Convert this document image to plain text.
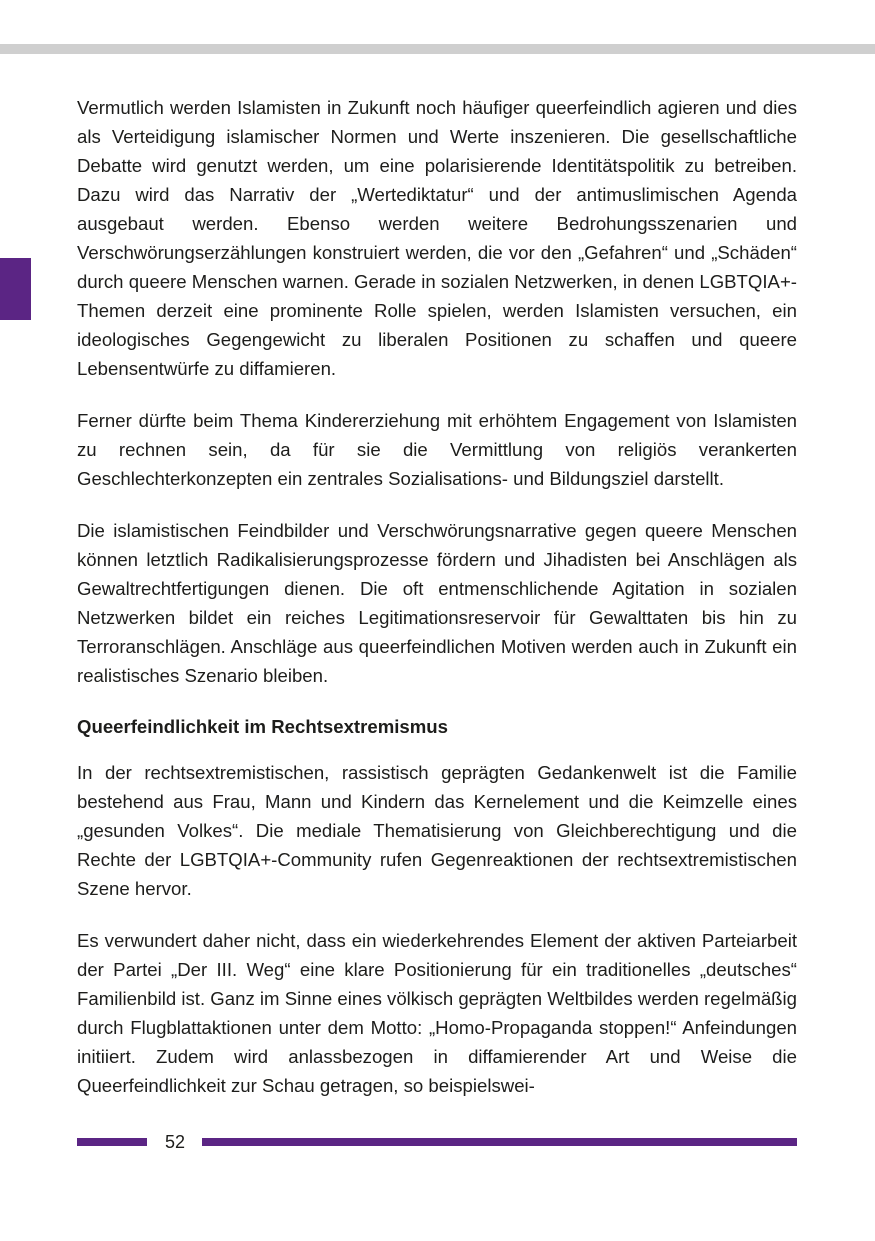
Vermutlich werden Islamisten in Zukunft noch häufiger queerfeindlich agieren und dies als Verteidigung islamischer Normen und Werte inszenieren. Die gesellschaftliche Debatte wird genutzt werden, um eine polarisierende Identitätspolitik zu betreiben. Dazu wird das Narrativ der „Wertediktatur“ und der antimuslimischen Agenda ausgebaut werden. Ebenso werden weitere Bedrohungsszenarien und Verschwörungserzählungen konstruiert werden, die vor den „Gefahren“ und „Schäden“ durch queere Menschen warnen. Gerade in sozialen Netzwerken, in denen LGBTQIA+-Themen derzeit eine prominente Rolle spielen, werden Islamisten versuchen, ein ideologisches Gegengewicht zu liberalen Positionen zu schaffen und queere Lebensentwürfe zu diffamieren.

Ferner dürfte beim Thema Kindererziehung mit erhöhtem Engagement von Islamisten zu rechnen sein, da für sie die Vermittlung von religiös verankerten Geschlechterkonzepten ein zentrales Sozialisations- und Bildungsziel darstellt.

Die islamistischen Feindbilder und Verschwörungsnarrative gegen queere Menschen können letztlich Radikalisierungsprozesse fördern und Jihadisten bei Anschlägen als Gewaltrechtfertigungen dienen. Die oft entmenschlichende Agitation in sozialen Netzwerken bildet ein reiches Legitimationsreservoir für Gewalttaten bis hin zu Terroranschlägen. Anschläge aus queerfeindlichen Motiven werden auch in Zukunft ein realistisches Szenario bleiben.

Queerfeindlichkeit im Rechtsextremismus

In der rechtsextremistischen, rassistisch geprägten Gedankenwelt ist die Familie bestehend aus Frau, Mann und Kindern das Kernelement und die Keimzelle eines „gesunden Volkes“. Die mediale Thematisierung von Gleichberechtigung und die Rechte der LGBTQIA+-Community rufen Gegenreaktionen der rechtsextremistischen Szene hervor.

Es verwundert daher nicht, dass ein wiederkehrendes Element der aktiven Parteiarbeit der Partei „Der III. Weg“ eine klare Positionierung für ein traditionelles „deutsches“ Familienbild ist. Ganz im Sinne eines völkisch geprägten Weltbildes werden regelmäßig durch Flugblattaktionen unter dem Motto: „Homo-Propaganda stoppen!“ Anfeindungen initiiert. Zudem wird anlassbezogen in diffamierender Art und Weise die Queerfeindlichkeit zur Schau getragen, so beispielswei-

52
